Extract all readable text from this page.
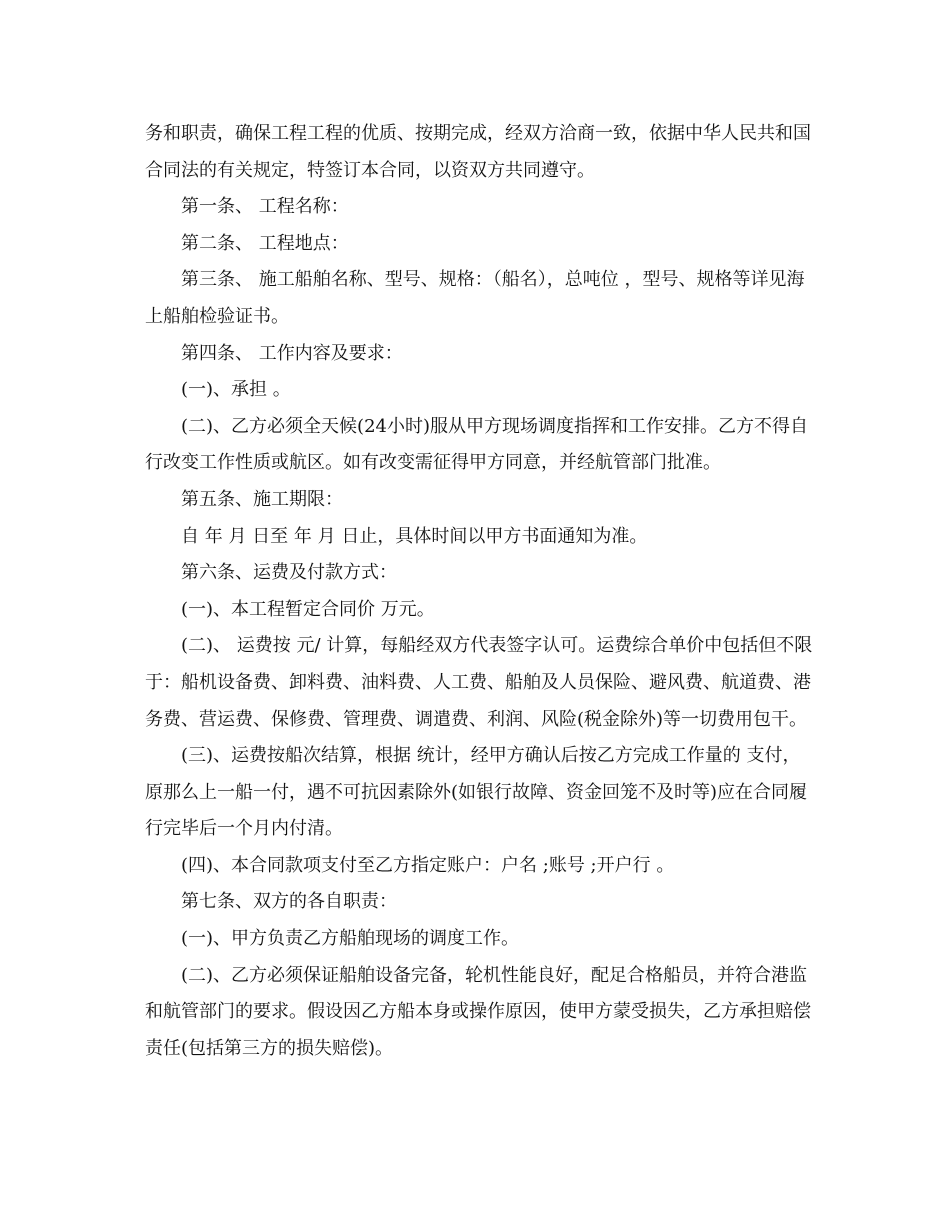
务和职责，确保工程工程的优质、按期完成，经双方洽商一致，依据中华人民共和国合同法的有关规定，特签订本合同，以资双方共同遵守。

第一条、 工程名称：

第二条、 工程地点：

第三条、 施工船舶名称、型号、规格：（船名），总吨位 ，型号、规格等详见海上船舶检验证书。

第四条、 工作内容及要求：

(一)、承担 。

(二)、乙方必须全天候(24小时)服从甲方现场调度指挥和工作安排。乙方不得自行改变工作性质或航区。如有改变需征得甲方同意，并经航管部门批准。

第五条、施工期限：

自 年 月 日至 年 月 日止，具体时间以甲方书面通知为准。

第六条、运费及付款方式：

(一)、本工程暂定合同价 万元。

(二)、 运费按 元/ 计算，每船经双方代表签字认可。运费综合单价中包括但不限于：船机设备费、卸料费、油料费、人工费、船舶及人员保险、避风费、航道费、港务费、营运费、保修费、管理费、调遣费、利润、风险(税金除外)等一切费用包干。

(三)、运费按船次结算，根据 统计，经甲方确认后按乙方完成工作量的 支付，原那么上一船一付，遇不可抗因素除外(如银行故障、资金回笼不及时等)应在合同履行完毕后一个月内付清。

(四)、本合同款项支付至乙方指定账户：户名 ;账号 ;开户行 。

第七条、双方的各自职责：

(一)、甲方负责乙方船舶现场的调度工作。

(二)、乙方必须保证船舶设备完备，轮机性能良好，配足合格船员，并符合港监和航管部门的要求。假设因乙方船本身或操作原因，使甲方蒙受损失，乙方承担赔偿责任(包括第三方的损失赔偿)。
